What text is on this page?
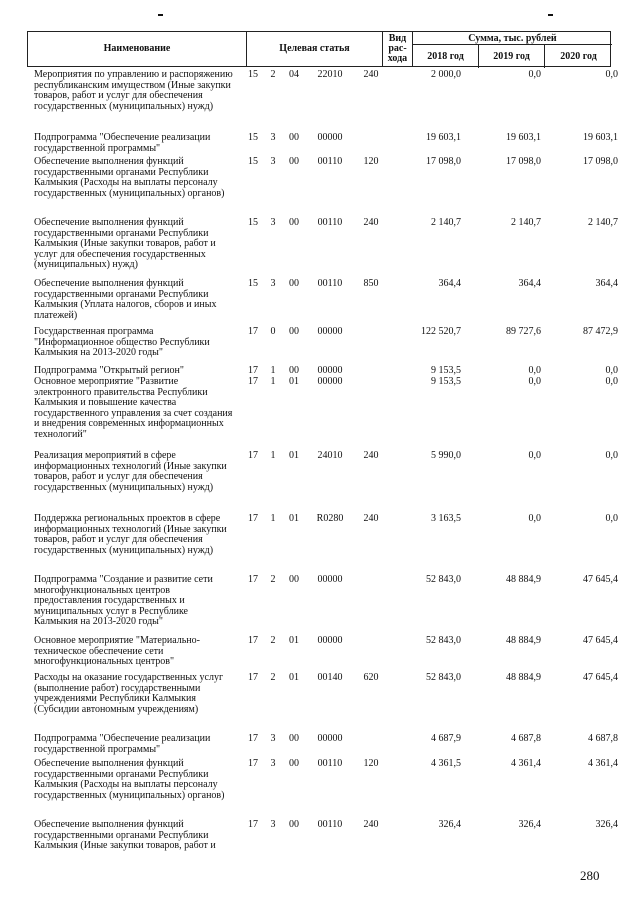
Наименование	Целевая статья
Вид рас-хода
Сумма, тыс. рублей
2018 год	2019 год	2020 год
Мероприятия по управлению и распоряжению республиканским имуществом (Иные закупки товаров, работ и услуг для обеспечения государственных (муниципальных) нужд)
15 2 04	22010	240	2 000,0	0,0	0,0
Подпрограмма "Обеспечение реализации государственной программы"
15 3 00	00000	19 603,1	19 603,1	19 603,1
Обеспечение выполнения функций государственными органами Республики Калмыкия (Расходы на выплаты персоналу государственных (муниципальных) органов)
15 3 00	00110	120	17 098,0	17 098,0	17 098,0
Обеспечение выполнения функций государственными органами Республики Калмыкия (Иные закупки товаров, работ и услуг для обеспечения государственных (муниципальных) нужд)
15 3 00	00110	240	2 140,7	2 140,7	2 140,7
Обеспечение выполнения функций государственными органами Республики Калмыкия (Уплата налогов, сборов и иных платежей)
15 3 00	00110	850	364,4	364,4	364,4
Государственная программа "Информационное общество Республики Калмыкия на 2013-2020 годы"
17 0 00	00000	122 520,7	89 727,6	87 472,9
Подпрограмма "Открытый регион"	17 1 00	00000	9 153,5	0,0	0,0
Основное мероприятие "Развитие электронного правительства Республики Калмыкия и повышение качества государственного управления за счет создания и внедрения современных информационных технологий"
17 1 01	00000	9 153,5	0,0	0,0
Реализация мероприятий в сфере информационных технологий (Иные закупки товаров, работ и услуг для обеспечения государственных (муниципальных) нужд)
17 1 01	24010	240	5 990,0	0,0	0,0
Поддержка региональных проектов в сфере информационных технологий (Иные закупки товаров, работ и услуг для обеспечения государственных (муниципальных) нужд)
17 1 01	R0280	240	3 163,5	0,0	0,0
Подпрограмма "Создание и развитие сети многофункциональных центров предоставления государственных и муниципальных услуг в Республике Калмыкия на 2013-2020 годы"
17 2 00	00000	52 843,0	48 884,9	47 645,4
Основное мероприятие "Материально-техническое обеспечение сети многофункциональных центров"
17 2 01	00000	52 843,0	48 884,9	47 645,4
Расходы на оказание государственных услуг (выполнение работ) государственными учреждениями Республики Калмыкия (Субсидии автономным учреждениям)
17 2 01	00140	620	52 843,0	48 884,9	47 645,4
Подпрограмма "Обеспечение реализации государственной программы"
17 3 00	00000	4 687,9	4 687,8	4 687,8
Обеспечение выполнения функций государственными органами Республики Калмыкия (Расходы на выплаты персоналу государственных (муниципальных) органов)
17 3 00	00110	120	4 361,5	4 361,4	4 361,4
Обеспечение выполнения функций государственными органами Республики Калмыкия (Иные закупки товаров, работ и
17 3 00	00110	240	326,4	326,4	326,4
280
